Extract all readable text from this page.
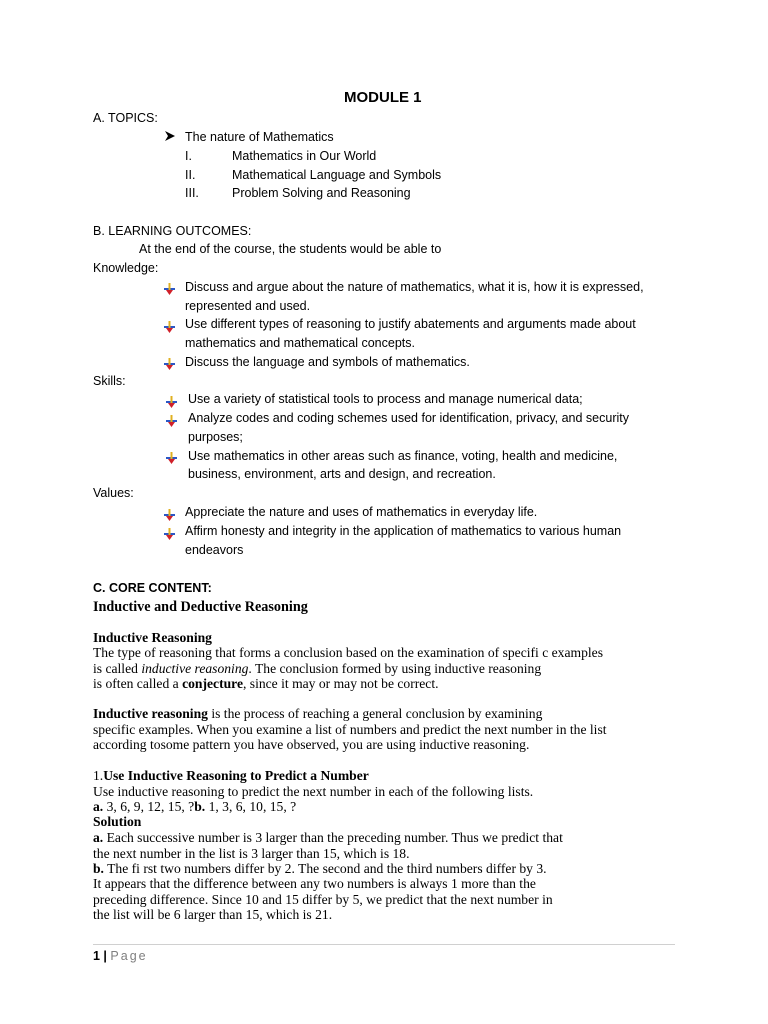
MODULE 1
A. TOPICS:
The nature of Mathematics
I.	Mathematics in Our World
II.	Mathematical Language and Symbols
III.	Problem Solving and Reasoning
B. LEARNING OUTCOMES:
At the end of the course, the students would be able to
Knowledge:
Discuss and argue about the nature of mathematics, what it is, how it is expressed,
represented and used.
Use different types of reasoning to justify abatements and arguments made about
mathematics and mathematical concepts.
Discuss the language and symbols of mathematics.
Skills:
Use a variety of statistical tools to process and manage numerical data;
Analyze codes and coding schemes used for identification, privacy, and security
purposes;
Use mathematics in other areas such as finance, voting, health and medicine,
business, environment, arts and design, and recreation.
Values:
Appreciate the nature and uses of mathematics in everyday life.
Affirm honesty and integrity in the application of mathematics to various human
endeavors
C. CORE CONTENT:
Inductive and Deductive Reasoning
Inductive Reasoning
The type of reasoning that forms a conclusion based on the examination of specifi c examples
is called inductive reasoning. The conclusion formed by using inductive reasoning
is often called a conjecture, since it may or may not be correct.
Inductive reasoning is the process of reaching a general conclusion by examining
specific examples. When you examine a list of numbers and predict the next number in the list
according tosome pattern you have observed, you are using inductive reasoning.
1.Use Inductive Reasoning to Predict a Number
Use inductive reasoning to predict the next number in each of the following lists.
a. 3, 6, 9, 12, 15, ?b. 1, 3, 6, 10, 15, ?
Solution
a. Each successive number is 3 larger than the preceding number. Thus we predict that
the next number in the list is 3 larger than 15, which is 18.
b. The fi rst two numbers differ by 2. The second and the third numbers differ by 3.
It appears that the difference between any two numbers is always 1 more than the
preceding difference. Since 10 and 15 differ by 5, we predict that the next number in
the list will be 6 larger than 15, which is 21.
1 | Page
